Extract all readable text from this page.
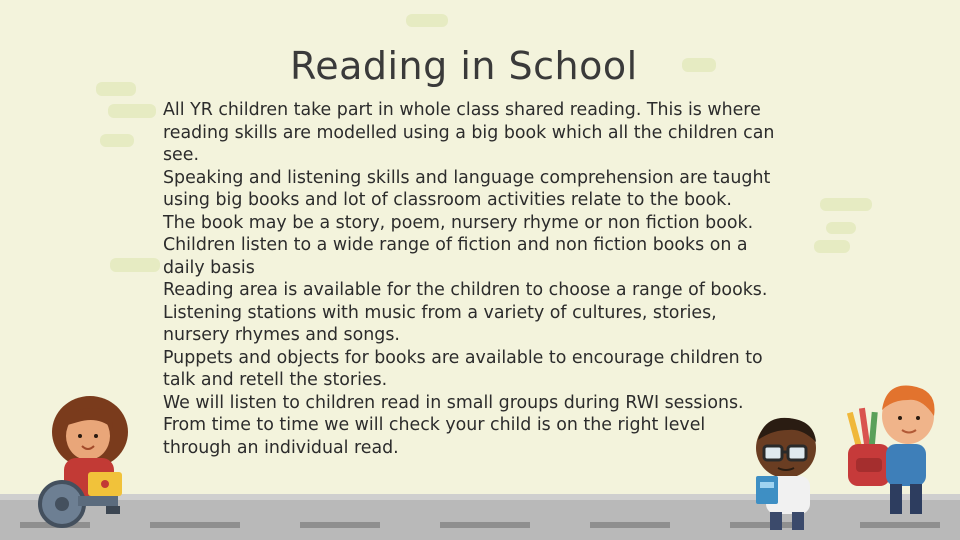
Reading in School
All YR children take part in whole class shared reading. This is where
reading skills are modelled using a big book which all the children can
see.
Speaking and listening skills and language comprehension are taught
using big books and lot of classroom activities relate to the book.
The book may be a story, poem, nursery rhyme or non fiction book.
Children listen to a wide range of fiction and non fiction books on a
daily basis
Reading area is available for the children to choose a range of books.
Listening stations with music from a variety of cultures, stories,
nursery rhymes and songs.
Puppets and objects for books are available to encourage children to
talk and retell the stories.
We will listen to children read in small groups during RWI sessions.
From time to time we will check your child is on the right level
through an individual read.
